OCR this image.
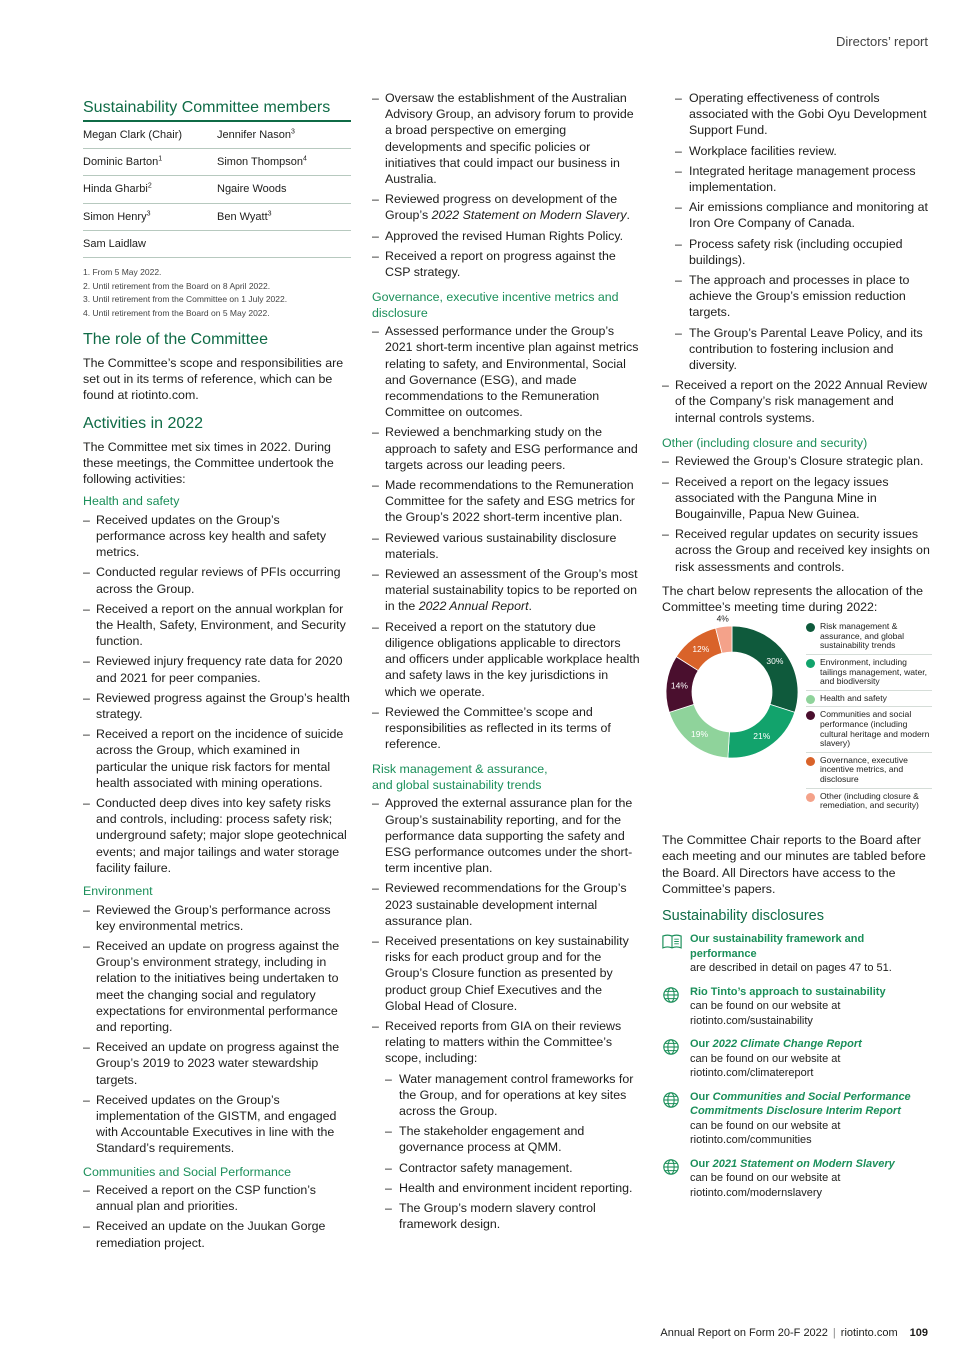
Directors’ report
Sustainability Committee members
Megan Clark (Chair)	Jennifer Nason$^3$
Dominic Barton$^1$	Simon Thompson$^4$
Hinda Gharbi$^2$	Ngaire Woods
Simon Henry$^3$	Ben Wyatt$^3$
Sam Laidlaw	
1. From 5 May 2022.
2. Until retirement from the Board on 8 April 2022.
3. Until retirement from the Committee on 1 July 2022.
4. Until retirement from the Board on 5 May 2022.
The role of the Committee

The Committee’s scope and responsibilities are set out in its terms of reference, which can be found at riotinto.com.

Activities in 2022

The Committee met six times in 2022. During these meetings, the Committee undertook the following activities:

Health and safety
– Received updates on the Group’s performance across key health and safety metrics.
– Conducted regular reviews of PFIs occurring across the Group.
– Received a report on the annual workplan for the Health, Safety, Environment, and Security function.
– Reviewed injury frequency rate data for 2020 and 2021 for peer companies.
– Reviewed progress against the Group’s health strategy.
– Received a report on the incidence of suicide across the Group, which examined in particular the unique risk factors for mental health associated with mining operations.
– Conducted deep dives into key safety risks and controls, including: process safety risk; underground safety; major slope geotechnical events; and major tailings and water storage facility failure.
Environment
– Reviewed the Group’s performance across key environmental metrics.
– Received an update on progress against the Group’s environment strategy, including in relation to the initiatives being undertaken to meet the changing social and regulatory expectations for environmental performance and reporting.
– Received an update on progress against the Group’s 2019 to 2023 water stewardship targets.
– Received updates on the Group’s implementation of the GISTM, and engaged with Accountable Executives in line with the Standard’s requirements.
Communities and Social Performance
– Received a report on the CSP function’s annual plan and priorities.
– Received an update on the Juukan Gorge remediation project.
– Oversaw the establishment of the Australian Advisory Group, an advisory forum to provide a broad perspective on emerging developments and specific policies or initiatives that could impact our business in Australia.
– Reviewed progress on development of the Group’s 2022 Statement on Modern Slavery.
– Approved the revised Human Rights Policy.
– Received a report on progress against the CSP strategy.
Governance, executive incentive metrics and disclosure
– Assessed performance under the Group’s 2021 short-term incentive plan against metrics relating to safety, and Environmental, Social and Governance (ESG), and made recommendations to the Remuneration Committee on outcomes.
– Reviewed a benchmarking study on the approach to safety and ESG performance and targets across our leading peers.
– Made recommendations to the Remuneration Committee for the safety and ESG metrics for the Group’s 2022 short-term incentive plan.
– Reviewed various sustainability disclosure materials.
– Reviewed an assessment of the Group’s most material sustainability topics to be reported on in the 2022 Annual Report.
– Received a report on the statutory due diligence obligations applicable to directors and officers under applicable workplace health and safety laws in the key jurisdictions in which we operate.
– Reviewed the Committee’s scope and responsibilities as reflected in its terms of reference.
Risk management & assurance,
and global sustainability trends
– Approved the external assurance plan for the Group’s sustainability reporting, and for the performance data supporting the safety and ESG performance outcomes under the short-term incentive plan.
– Reviewed recommendations for the Group’s 2023 sustainable development internal assurance plan.
– Received presentations on key sustainability risks for each product group and for the Group’s Closure function as presented by product group Chief Executives and the Global Head of Closure.
– Received reports from GIA on their reviews relating to matters within the Committee’s scope, including:
– Water management control frameworks for the Group, and for operations at key sites across the Group.
– The stakeholder engagement and governance process at QMM.
– Contractor safety management.
– Health and environment incident reporting.
– The Group’s modern slavery control framework design.
– Operating effectiveness of controls associated with the Gobi Oyu Development Support Fund.
– Workplace facilities review.
– Integrated heritage management process implementation.
– Air emissions compliance and monitoring at Iron Ore Company of Canada.
– Process safety risk (including occupied buildings).
– The approach and processes in place to achieve the Group’s emission reduction targets.
– The Group’s Parental Leave Policy, and its contribution to fostering inclusion and diversity.
– Received a report on the 2022 Annual Review of the Company’s risk management and internal controls systems.
Other (including closure and security)
– Reviewed the Group’s Closure strategic plan.
– Received a report on the legacy issues associated with the Panguna Mine in Bougainville, Papua New Guinea.
– Received regular updates on security issues across the Group and received key insights on risk assessments and controls.

The chart below represents the allocation of the Committee’s meeting time during 2022:

30%
21%
19%
14%
12%
4%
Risk management & assurance, and global sustainability trends
Environment, including tailings management, water, and biodiversity
Health and safety
Communities and social performance (including cultural heritage and modern slavery)
Governance, executive incentive metrics, and disclosure
Other (including closure & remediation, and security)

The Committee Chair reports to the Board after each meeting and our minutes are tabled before the Board. All Directors have access to the Committee’s papers.

Sustainability disclosures
Our sustainability framework and performance
are described in detail on pages 47 to 51.
Rio Tinto’s approach to sustainability
can be found on our website at
riotinto.com/sustainability
Our 2022 Climate Change Report
can be found on our website at
riotinto.com/climatereport
Our Communities and Social Performance Commitments Disclosure Interim Report
can be found on our website at
riotinto.com/communities
Our 2021 Statement on Modern Slavery
can be found on our website at
riotinto.com/modernslavery
Annual Report on Form 20-F 2022 | riotinto.com 109
